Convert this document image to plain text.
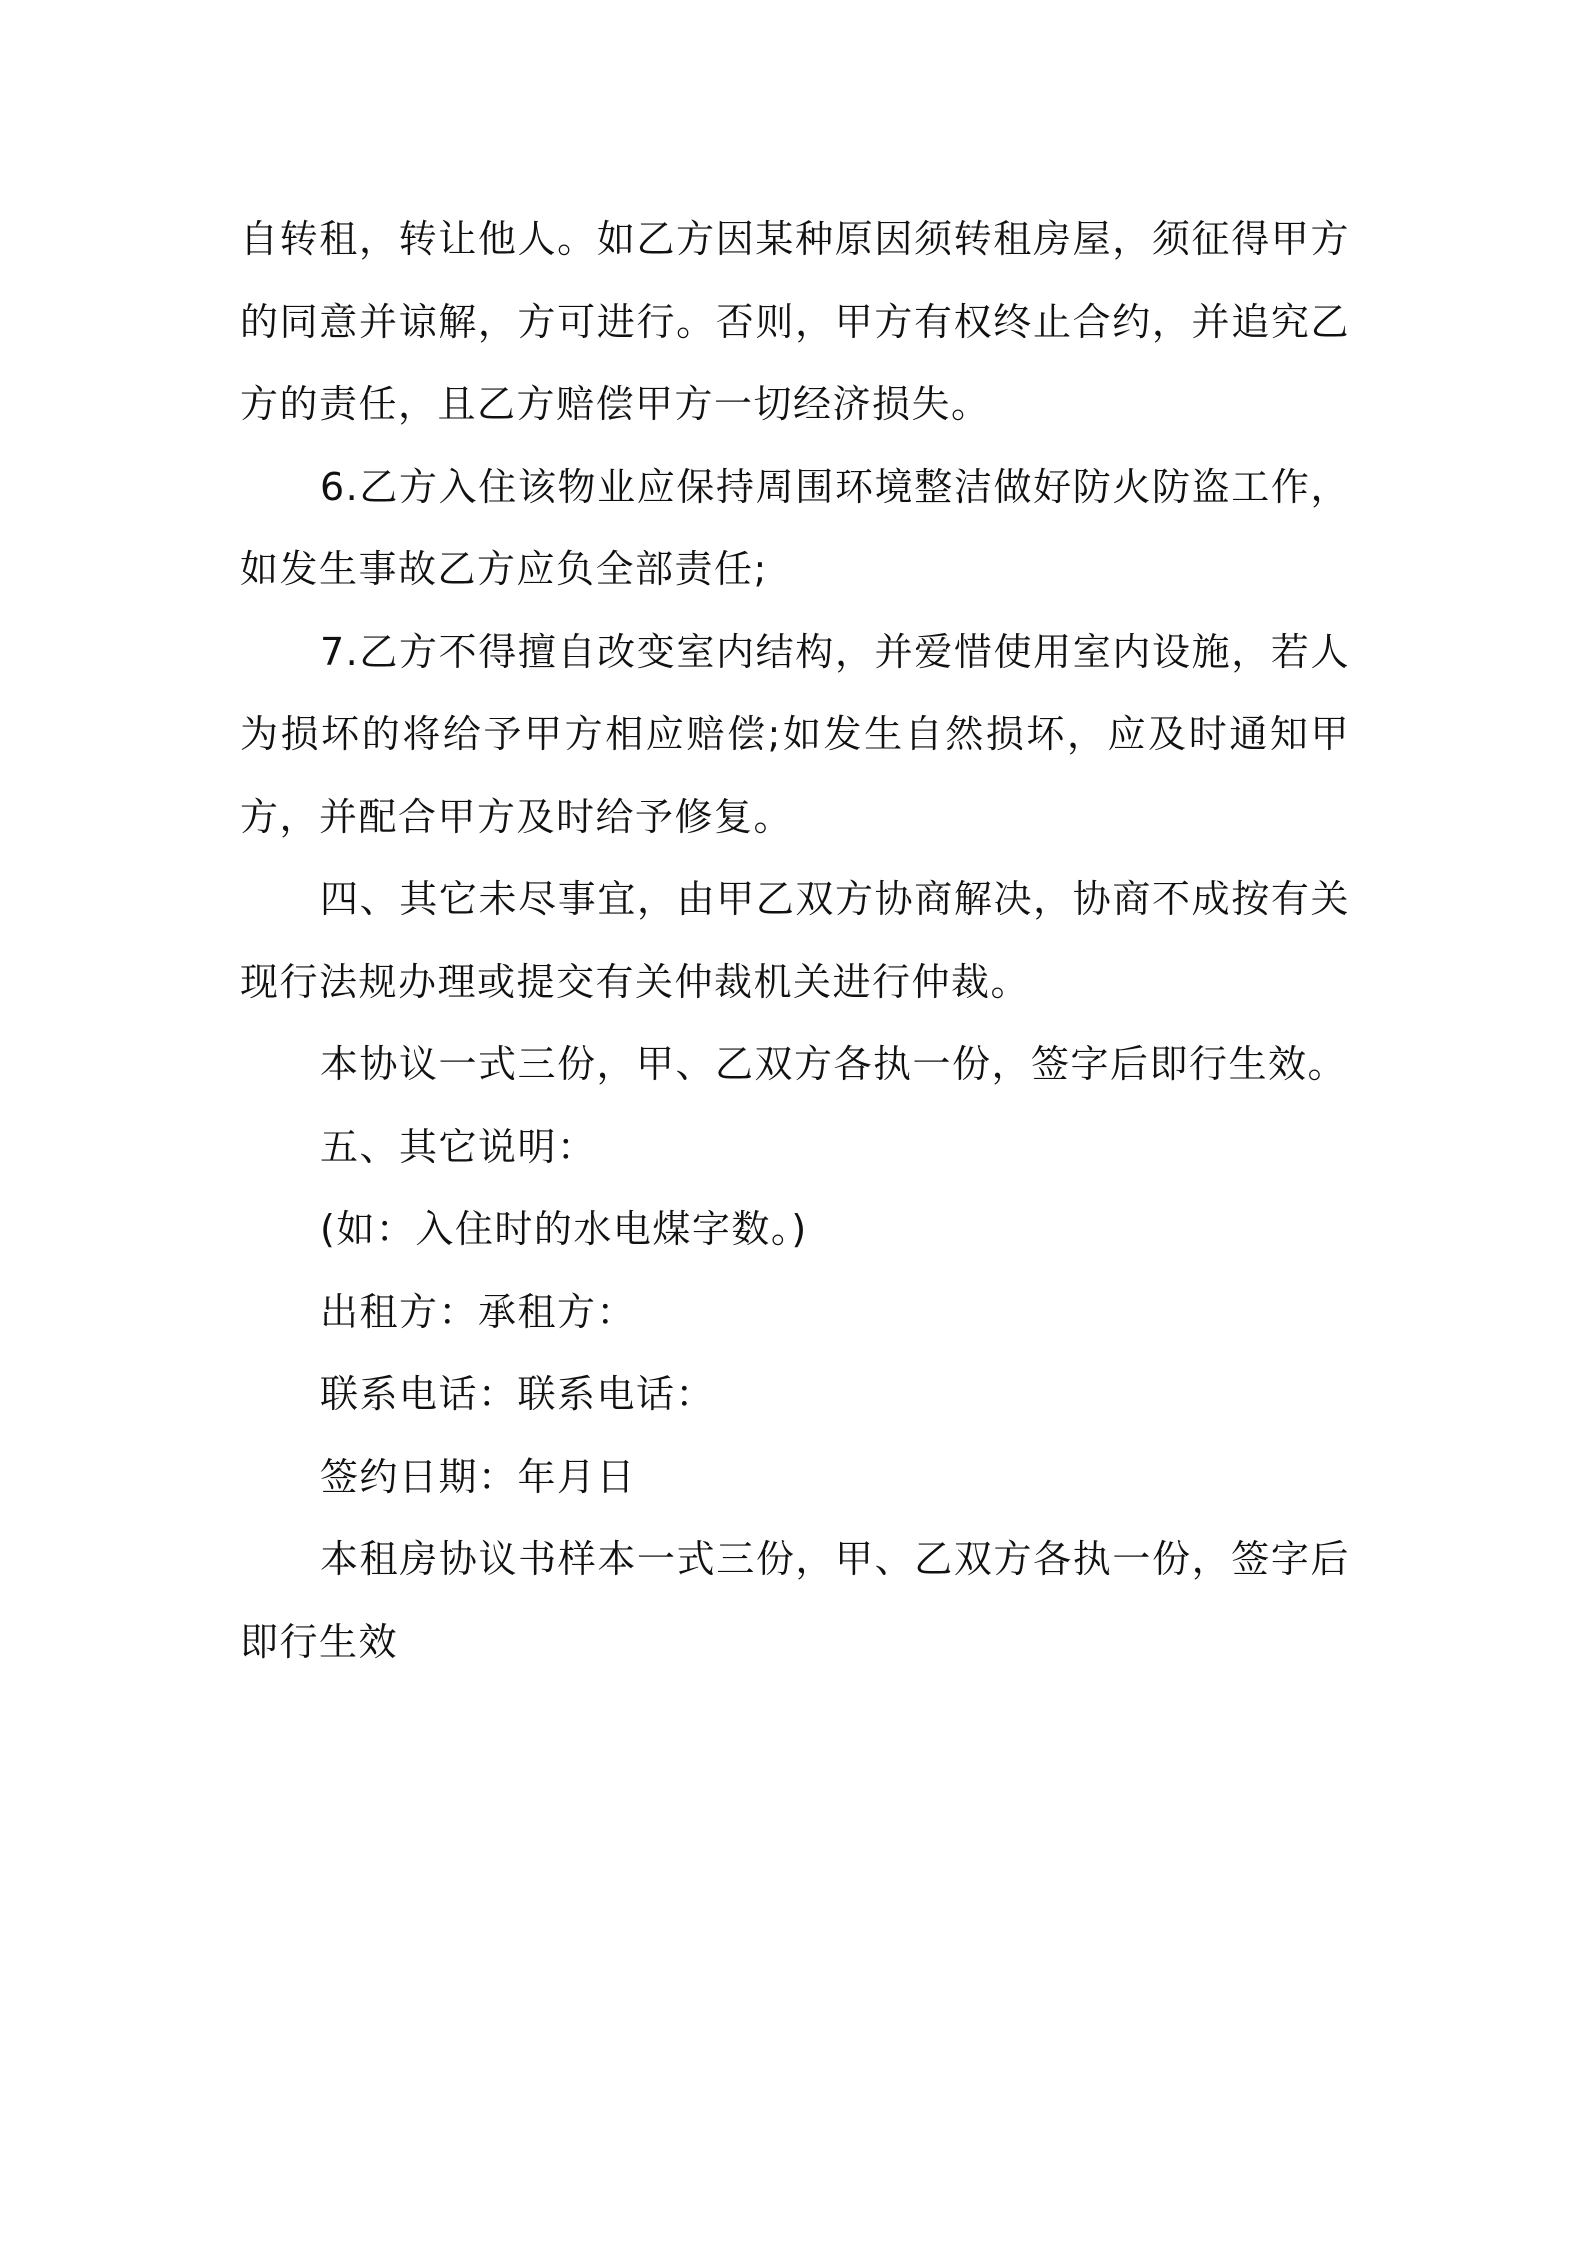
自转租，转让他人。如乙方因某种原因须转租房屋，须征得甲方的同意并谅解，方可进行。否则，甲方有权终止合约，并追究乙方的责任，且乙方赔偿甲方一切经济损失。

6.乙方入住该物业应保持周围环境整洁做好防火防盗工作，如发生事故乙方应负全部责任;

7.乙方不得擅自改变室内结构，并爱惜使用室内设施，若人为损坏的将给予甲方相应赔偿;如发生自然损坏，应及时通知甲方，并配合甲方及时给予修复。

四、其它未尽事宜，由甲乙双方协商解决，协商不成按有关现行法规办理或提交有关仲裁机关进行仲裁。

本协议一式三份，甲、乙双方各执一份，签字后即行生效。

五、其它说明：

(如：入住时的水电煤字数。)

出租方：承租方：

联系电话：联系电话：

签约日期：年月日

本租房协议书样本一式三份，甲、乙双方各执一份，签字后即行生效
